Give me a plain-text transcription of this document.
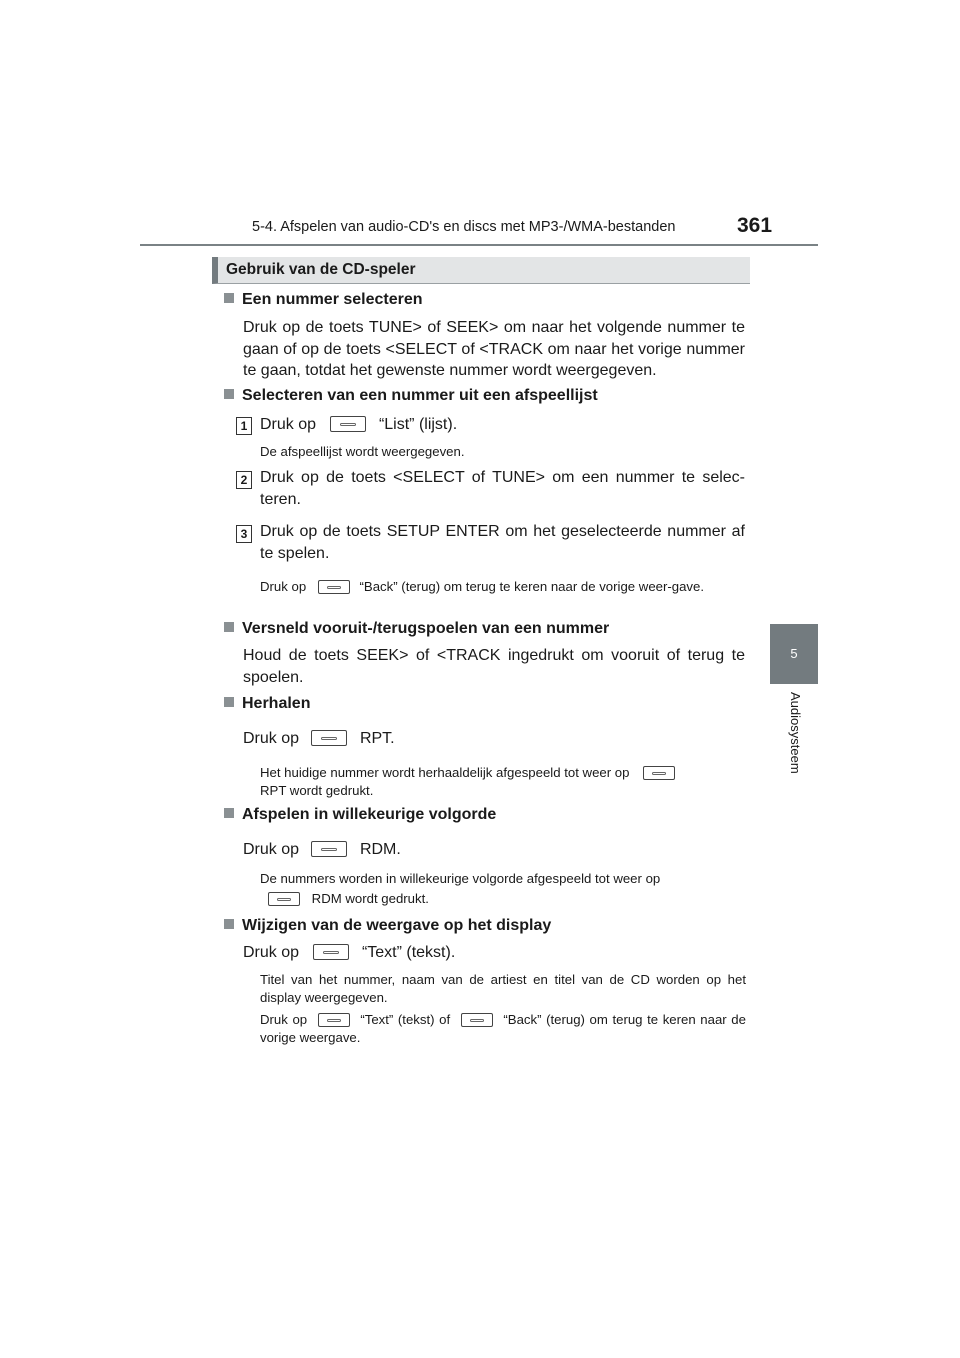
5-4. Afspelen van audio-CD's en discs met MP3-/WMA-bestanden	361
5
Audiosysteem
Gebruik van de CD-speler
Een nummer selecteren
Druk op de toets TUNE> of SEEK> om naar het volgende nummer te gaan of op de toets <SELECT of <TRACK om naar het vorige nummer te gaan, totdat het gewenste nummer wordt weergegeven.
Selecteren van een nummer uit een afspeellijst
1 Druk op	“List” (lijst).
De afspeellijst wordt weergegeven.
2 Druk op de toets <SELECT of TUNE> om een nummer te selec-teren.
3 Druk op de toets SETUP ENTER om het geselecteerde nummer af te spelen.
Druk op	“Back” (terug) om terug te keren naar de vorige weer-gave.
Versneld vooruit-/terugspoelen van een nummer
Houd de toets SEEK> of <TRACK ingedrukt om vooruit of terug te spoelen.
Herhalen
Druk op	RPT.
Het huidige nummer wordt herhaaldelijk afgespeeld tot weer op
RPT wordt gedrukt.
Afspelen in willekeurige volgorde
Druk op	RDM.
De nummers worden in willekeurige volgorde afgespeeld tot weer op
RDM wordt gedrukt.
Wijzigen van de weergave op het display
Druk op	“Text” (tekst).
Titel van het nummer, naam van de artiest en titel van de CD worden op het display weergegeven.
Druk op	“Text” (tekst) of	“Back” (terug) om terug te keren naar de vorige weergave.
